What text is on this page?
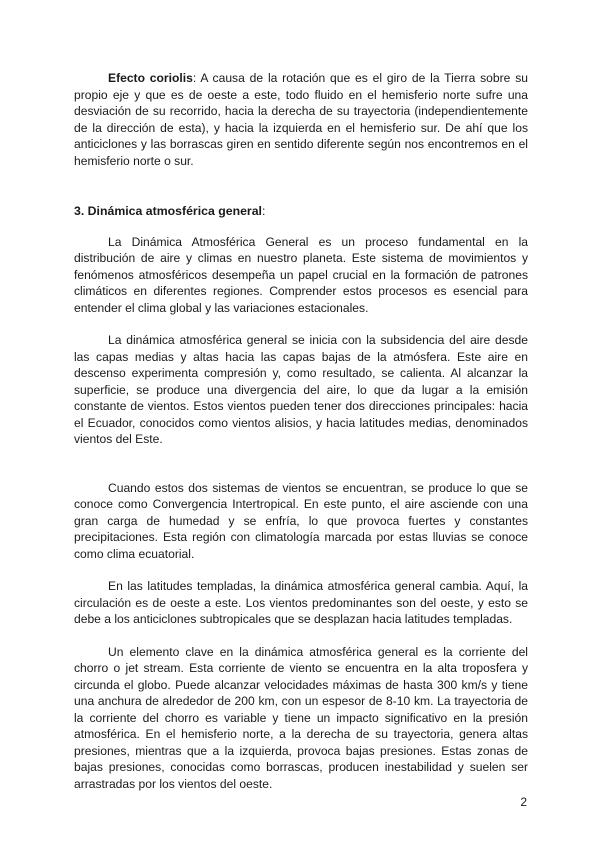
Efecto coriolis: A causa de la rotación que es el giro de la Tierra sobre su propio eje y que es de oeste a este, todo fluido en el hemisferio norte sufre una desviación de su recorrido, hacia la derecha de su trayectoria (independientemente de la dirección de esta), y hacia la izquierda en el hemisferio sur. De ahí que los anticiclones y las borrascas giren en sentido diferente según nos encontremos en el hemisferio norte o sur.

3. Dinámica atmosférica general:

La Dinámica Atmosférica General es un proceso fundamental en la distribución de aire y climas en nuestro planeta. Este sistema de movimientos y fenómenos atmosféricos desempeña un papel crucial en la formación de patrones climáticos en diferentes regiones. Comprender estos procesos es esencial para entender el clima global y las variaciones estacionales.

La dinámica atmosférica general se inicia con la subsidencia del aire desde las capas medias y altas hacia las capas bajas de la atmósfera. Este aire en descenso experimenta compresión y, como resultado, se calienta. Al alcanzar la superficie, se produce una divergencia del aire, lo que da lugar a la emisión constante de vientos. Estos vientos pueden tener dos direcciones principales: hacia el Ecuador, conocidos como vientos alisios, y hacia latitudes medias, denominados vientos del Este.

Cuando estos dos sistemas de vientos se encuentran, se produce lo que se conoce como Convergencia Intertropical. En este punto, el aire asciende con una gran carga de humedad y se enfría, lo que provoca fuertes y constantes precipitaciones. Esta región con climatología marcada por estas lluvias se conoce como clima ecuatorial.

En las latitudes templadas, la dinámica atmosférica general cambia. Aquí, la circulación es de oeste a este. Los vientos predominantes son del oeste, y esto se debe a los anticiclones subtropicales que se desplazan hacia latitudes templadas.

Un elemento clave en la dinámica atmosférica general es la corriente del chorro o jet stream. Esta corriente de viento se encuentra en la alta troposfera y circunda el globo. Puede alcanzar velocidades máximas de hasta 300 km/s y tiene una anchura de alrededor de 200 km, con un espesor de 8-10 km. La trayectoria de la corriente del chorro es variable y tiene un impacto significativo en la presión atmosférica. En el hemisferio norte, a la derecha de su trayectoria, genera altas presiones, mientras que a la izquierda, provoca bajas presiones. Estas zonas de bajas presiones, conocidas como borrascas, producen inestabilidad y suelen ser arrastradas por los vientos del oeste.

2
